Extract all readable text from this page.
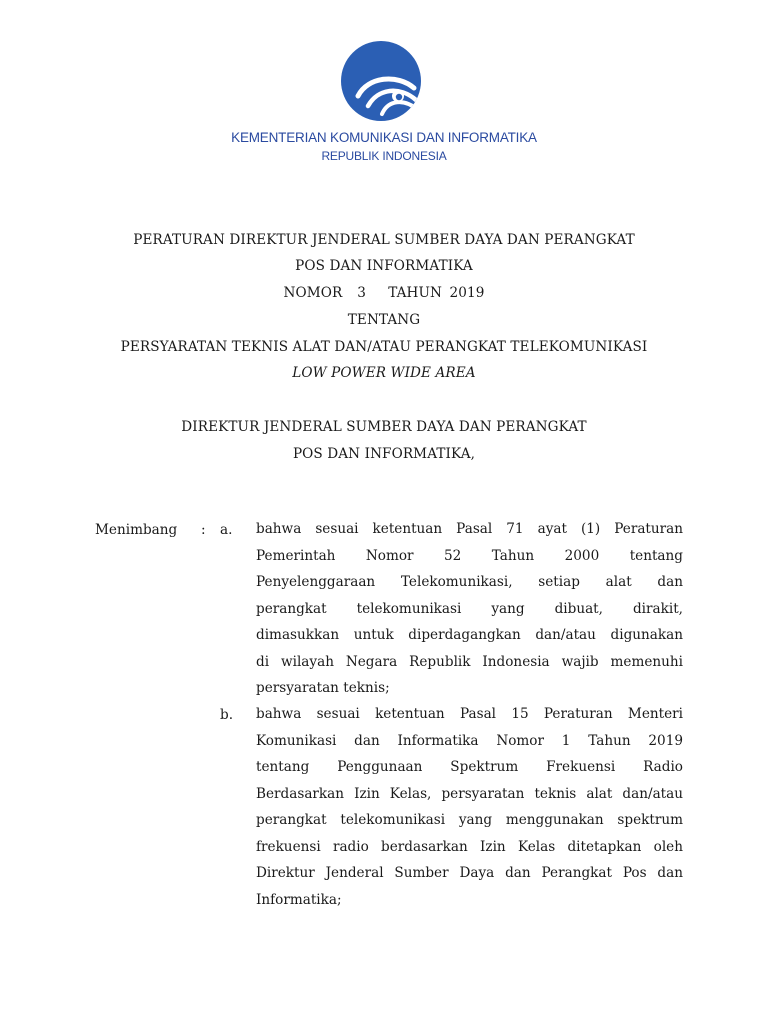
KEMENTERIAN KOMUNIKASI DAN INFORMATIKA
REPUBLIK INDONESIA
PERATURAN DIREKTUR JENDERAL SUMBER DAYA DAN PERANGKAT
POS DAN INFORMATIKA
NOMOR  3   TAHUN 2019
TENTANG
PERSYARATAN TEKNIS ALAT DAN/ATAU PERANGKAT TELEKOMUNIKASI
LOW POWER WIDE AREA
DIREKTUR JENDERAL SUMBER DAYA DAN PERANGKAT
POS DAN INFORMATIKA,
Menimbang : a. bahwa sesuai ketentuan Pasal 71 ayat (1) Peraturan
Pemerintah Nomor 52 Tahun 2000 tentang
Penyelenggaraan Telekomunikasi, setiap alat dan
perangkat telekomunikasi yang dibuat, dirakit,
dimasukkan untuk diperdagangkan dan/atau digunakan
di wilayah Negara Republik Indonesia wajib memenuhi
persyaratan teknis;
b. bahwa sesuai ketentuan Pasal 15 Peraturan Menteri
Komunikasi dan Informatika Nomor 1 Tahun 2019
tentang Penggunaan Spektrum Frekuensi Radio
Berdasarkan Izin Kelas, persyaratan teknis alat dan/atau
perangkat telekomunikasi yang menggunakan spektrum
frekuensi radio berdasarkan Izin Kelas ditetapkan oleh
Direktur Jenderal Sumber Daya dan Perangkat Pos dan
Informatika;
